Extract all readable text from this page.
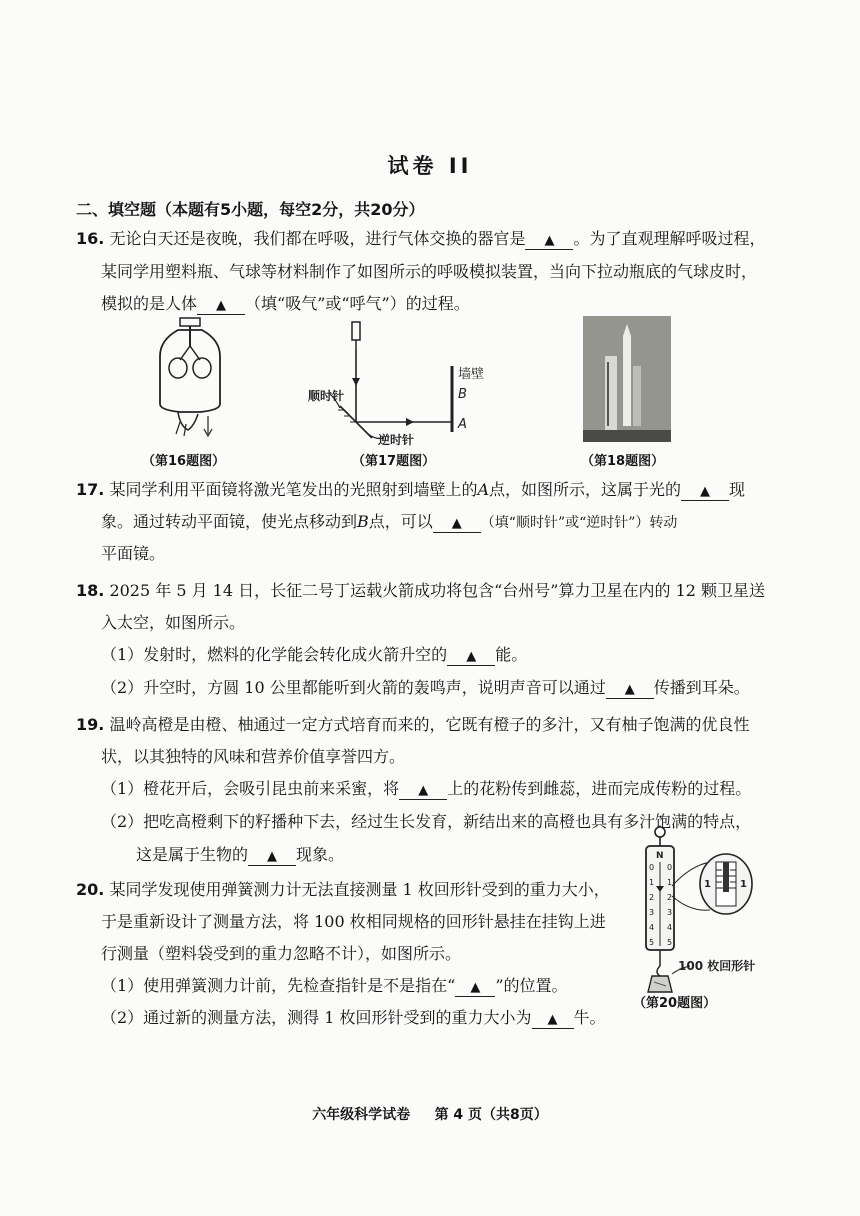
试卷 II
二、填空题（本题有5小题，每空2分，共20分）
16. 无论白天还是夜晚，我们都在呼吸，进行气体交换的器官是 ▲ 。为了直观理解呼吸过程，
某同学用塑料瓶、气球等材料制作了如图所示的呼吸模拟装置，当向下拉动瓶底的气球皮时，
模拟的是人体 ▲ （填“吸气”或“呼气”）的过程。
（第16题图）
墙壁
B
A
顺时针
逆时针
（第17题图）	（第18题图）
17. 某同学利用平面镜将激光笔发出的光照射到墙壁上的A点，如图所示，这属于光的 ▲ 现
象。通过转动平面镜，使光点移动到B点，可以 ▲ （填“顺时针”或“逆时针”）转动
平面镜。
18. 2025 年 5 月 14 日，长征二号丁运载火箭成功将包含“台州号”算力卫星在内的 12 颗卫星送
入太空，如图所示。
（1）发射时，燃料的化学能会转化成火箭升空的 ▲ 能。
（2）升空时，方圆 10 公里都能听到火箭的轰鸣声，说明声音可以通过 ▲ 传播到耳朵。
19. 温岭高橙是由橙、柚通过一定方式培育而来的，它既有橙子的多汁，又有柚子饱满的优良性
状，以其独特的风味和营养价值享誉四方。
（1）橙花开后，会吸引昆虫前来采蜜，将 ▲ 上的花粉传到雌蕊，进而完成传粉的过程。
（2）把吃高橙剩下的籽播种下去，经过生长发育，新结出来的高橙也具有多汁饱满的特点，
这是属于生物的 ▲ 现象。
20. 某同学发现使用弹簧测力计无法直接测量 1 枚回形针受到的重力大小，
于是重新设计了测量方法，将 100 枚相同规格的回形针悬挂在挂钩上进
行测量（塑料袋受到的重力忽略不计），如图所示。
（1）使用弹簧测力计前，先检查指针是不是指在“ ▲ ”的位置。
（2）通过新的测量方法，测得 1 枚回形针受到的重力大小为 ▲ 牛。
N
0
1
2
3
4
5
0
1
2
3
4
5
1	1
100 枚回形针
（第20题图）
六年级科学试卷 第 4 页（共8页）
